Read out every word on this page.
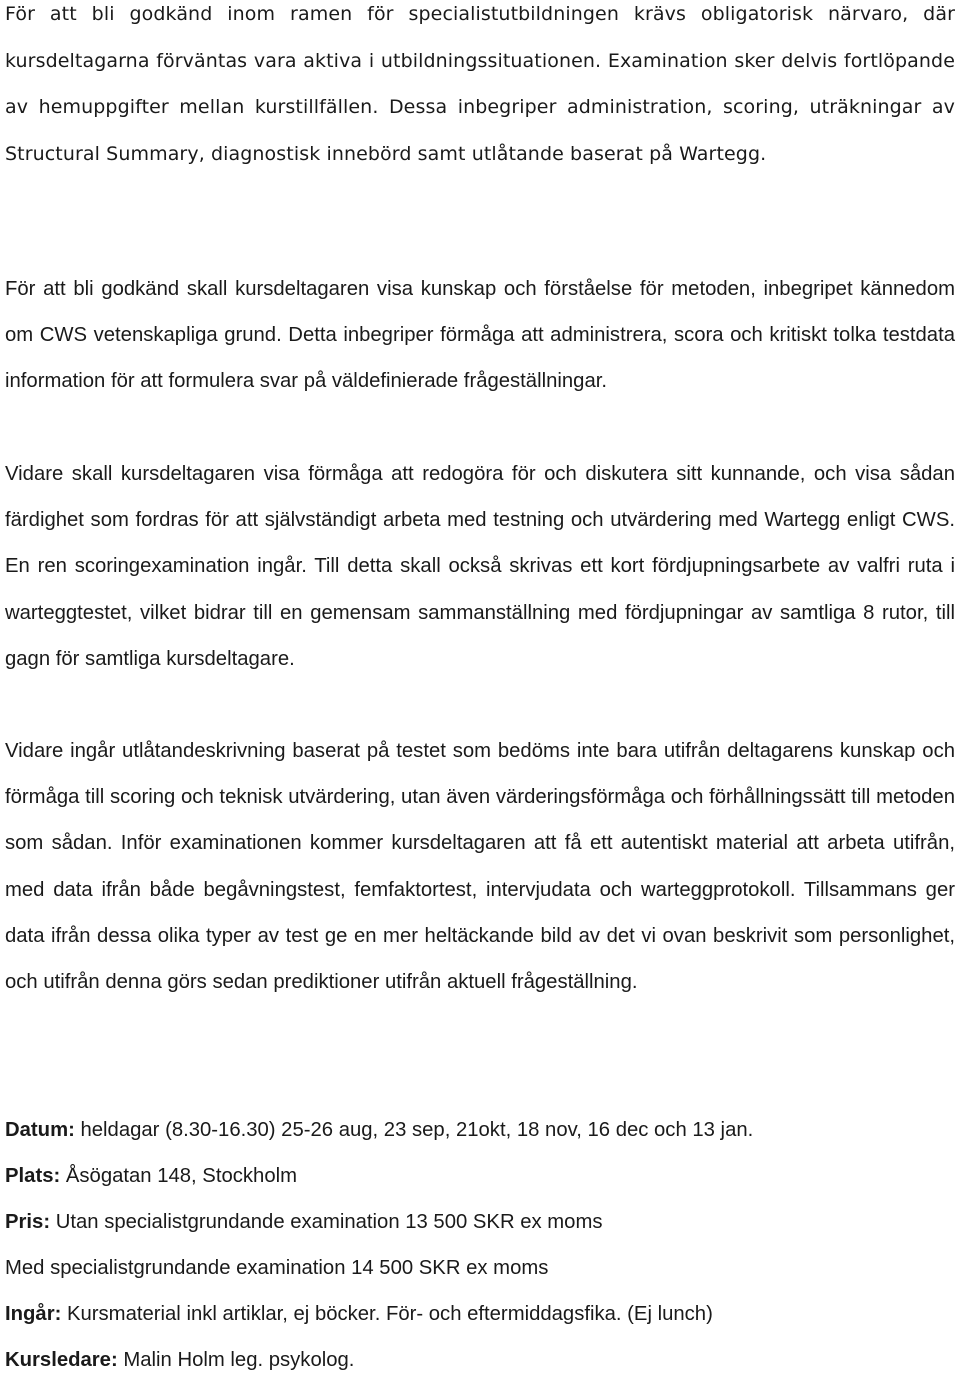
För att bli godkänd inom ramen för specialistutbildningen krävs obligatorisk närvaro, där kursdeltagarna förväntas vara aktiva i utbildningssituationen. Examination sker delvis fortlöpande av hemuppgifter mellan kurstillfällen. Dessa inbegriper administration, scoring, uträkningar av Structural Summary, diagnostisk innebörd samt utlåtande baserat på Wartegg.

För att bli godkänd skall kursdeltagaren visa kunskap och förståelse för metoden, inbegripet kännedom om CWS vetenskapliga grund. Detta inbegriper förmåga att administrera, scora och kritiskt tolka testdata information för att formulera svar på väldefinierade frågeställningar.

Vidare skall kursdeltagaren visa förmåga att redogöra för och diskutera sitt kunnande, och visa sådan färdighet som fordras för att självständigt arbeta med testning och utvärdering med Wartegg enligt CWS. En ren scoringexamination ingår. Till detta skall också skrivas ett kort fördjupningsarbete av valfri ruta i warteggtestet, vilket bidrar till en gemensam sammanställning med fördjupningar av samtliga 8 rutor, till gagn för samtliga kursdeltagare.

Vidare ingår utlåtandeskrivning baserat på testet som bedöms inte bara utifrån deltagarens kunskap och förmåga till scoring och teknisk utvärdering, utan även värderingsförmåga och förhållningssätt till metoden som sådan. Inför examinationen kommer kursdeltagaren att få ett autentiskt material att arbeta utifrån, med data ifrån både begåvningstest, femfaktortest, intervjudata och warteggprotokoll. Tillsammans ger data ifrån dessa olika typer av test ge en mer heltäckande bild av det vi ovan beskrivit som personlighet, och utifrån denna görs sedan prediktioner utifrån aktuell frågeställning.

Datum: heldagar (8.30-16.30) 25-26 aug, 23 sep, 21okt, 18 nov, 16 dec och 13 jan.
Plats: Åsögatan 148, Stockholm
Pris: Utan specialistgrundande examination 13 500 SKR ex moms
Med specialistgrundande examination 14 500 SKR ex moms
Ingår: Kursmaterial inkl artiklar, ej böcker. För- och eftermiddagsfika. (Ej lunch)
Kursledare: Malin Holm leg. psykolog.
